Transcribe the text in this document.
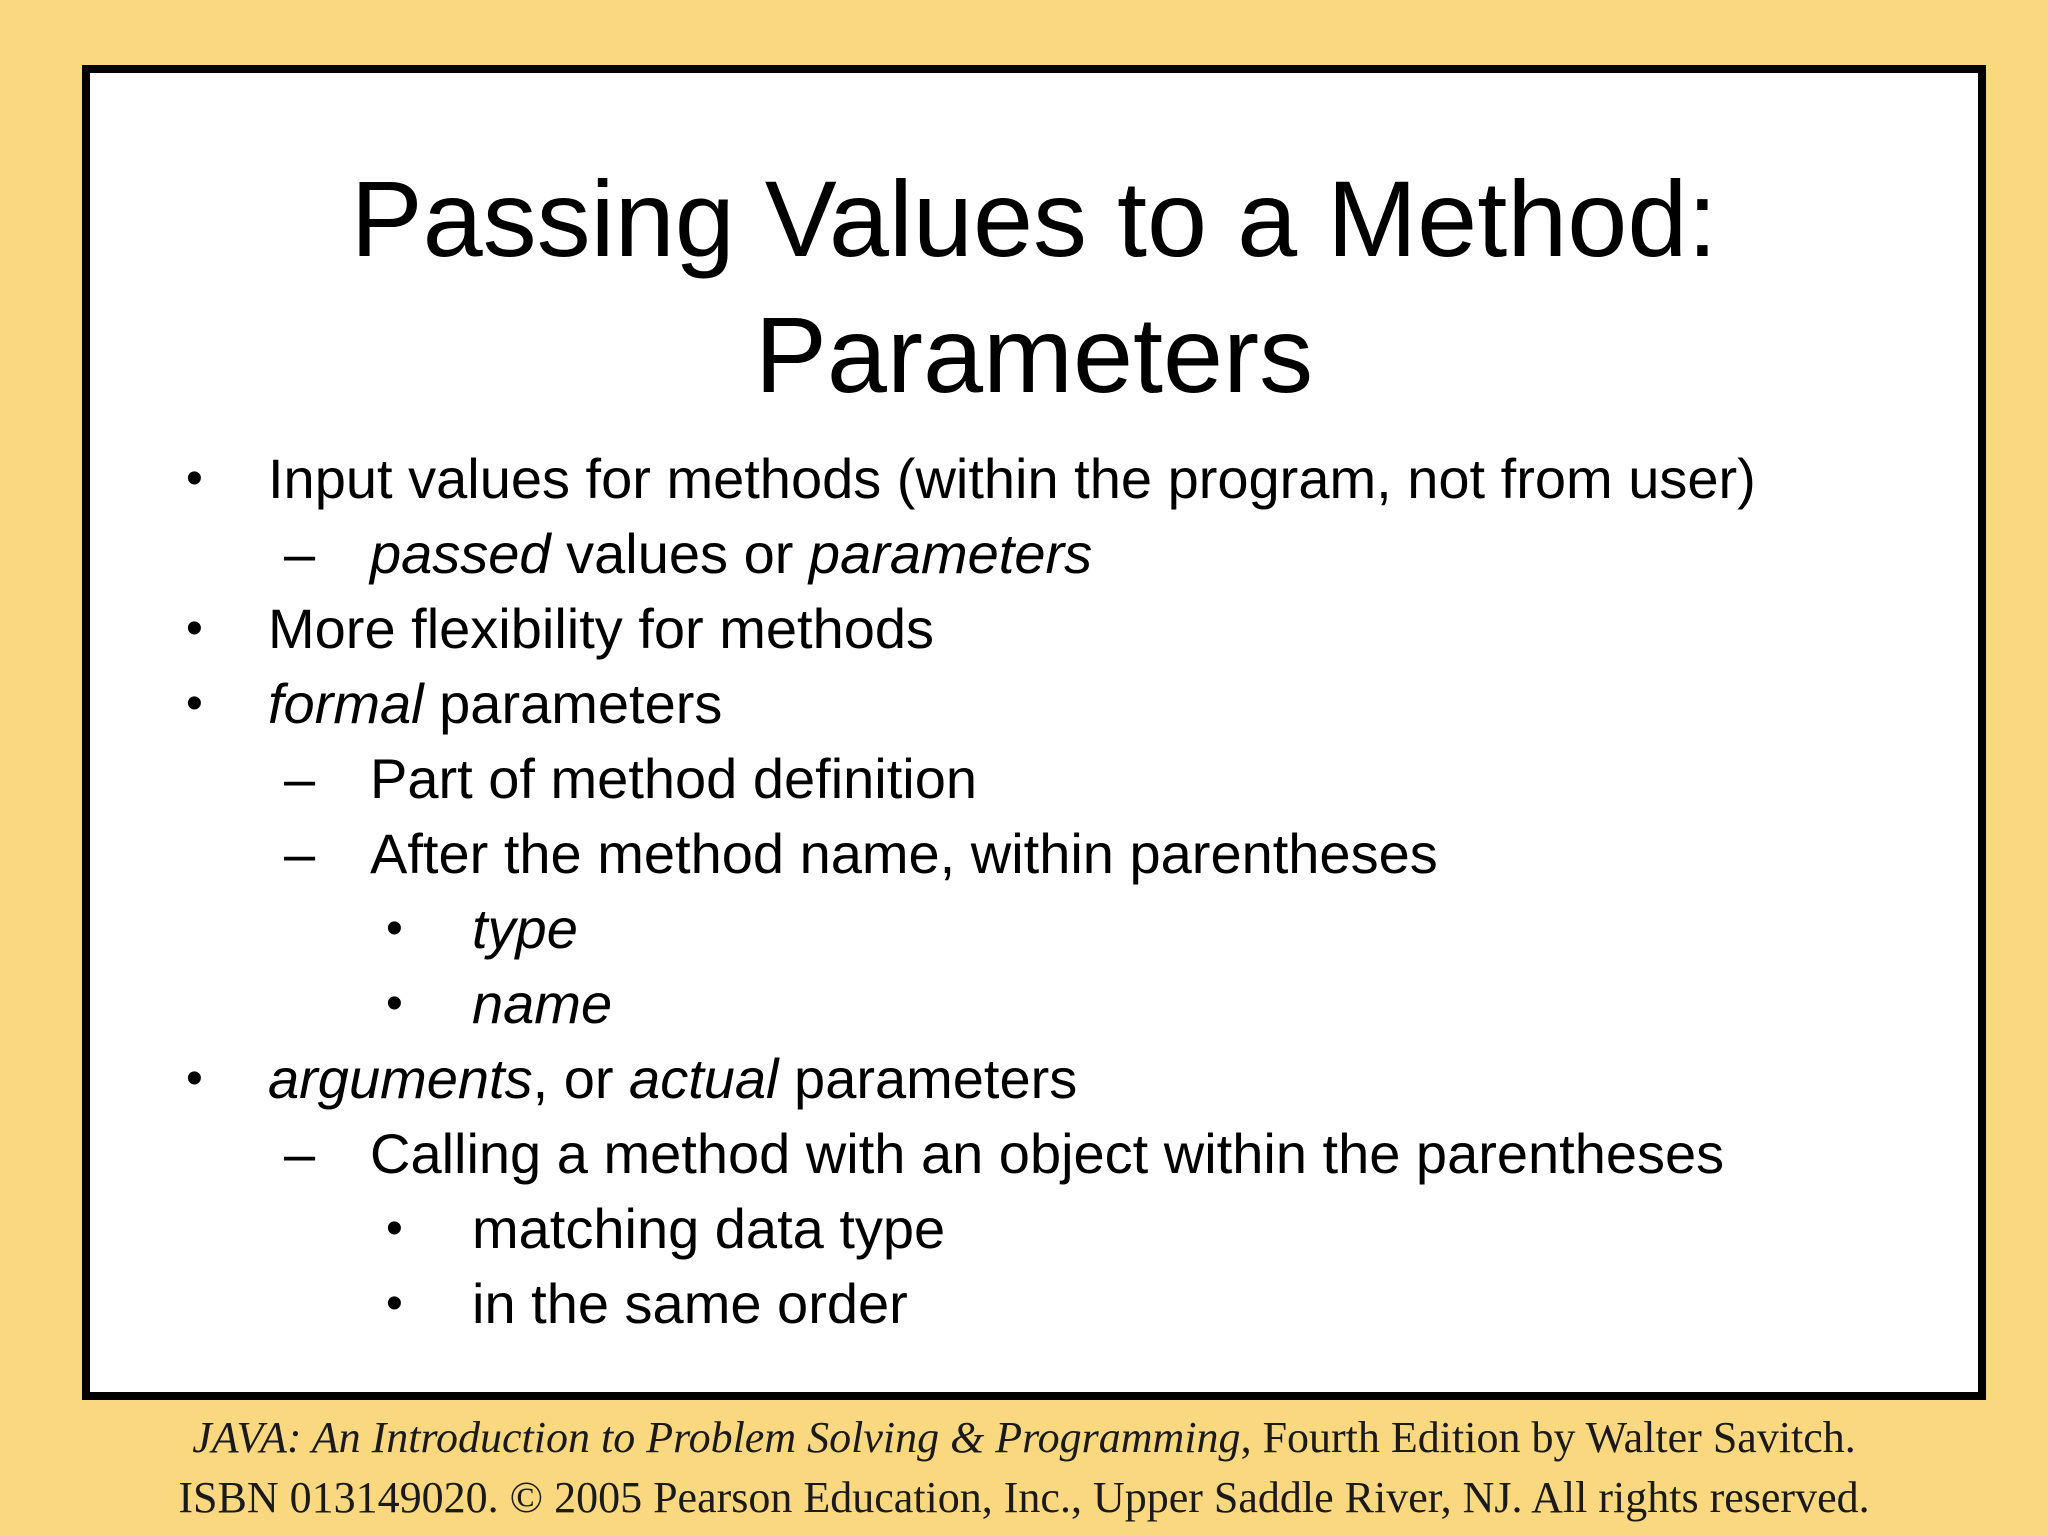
Passing Values to a Method:
Parameters
• Input values for methods (within the program, not from user)
– passed values or parameters
• More flexibility for methods
• formal parameters
– Part of method definition
– After the method name, within parentheses
• type
• name
• arguments, or actual parameters
– Calling a method with an object within the parentheses
• matching data type
• in the same order
JAVA: An Introduction to Problem Solving & Programming, Fourth Edition by Walter Savitch.
ISBN 013149020. © 2005 Pearson Education, Inc., Upper Saddle River, NJ. All rights reserved.
